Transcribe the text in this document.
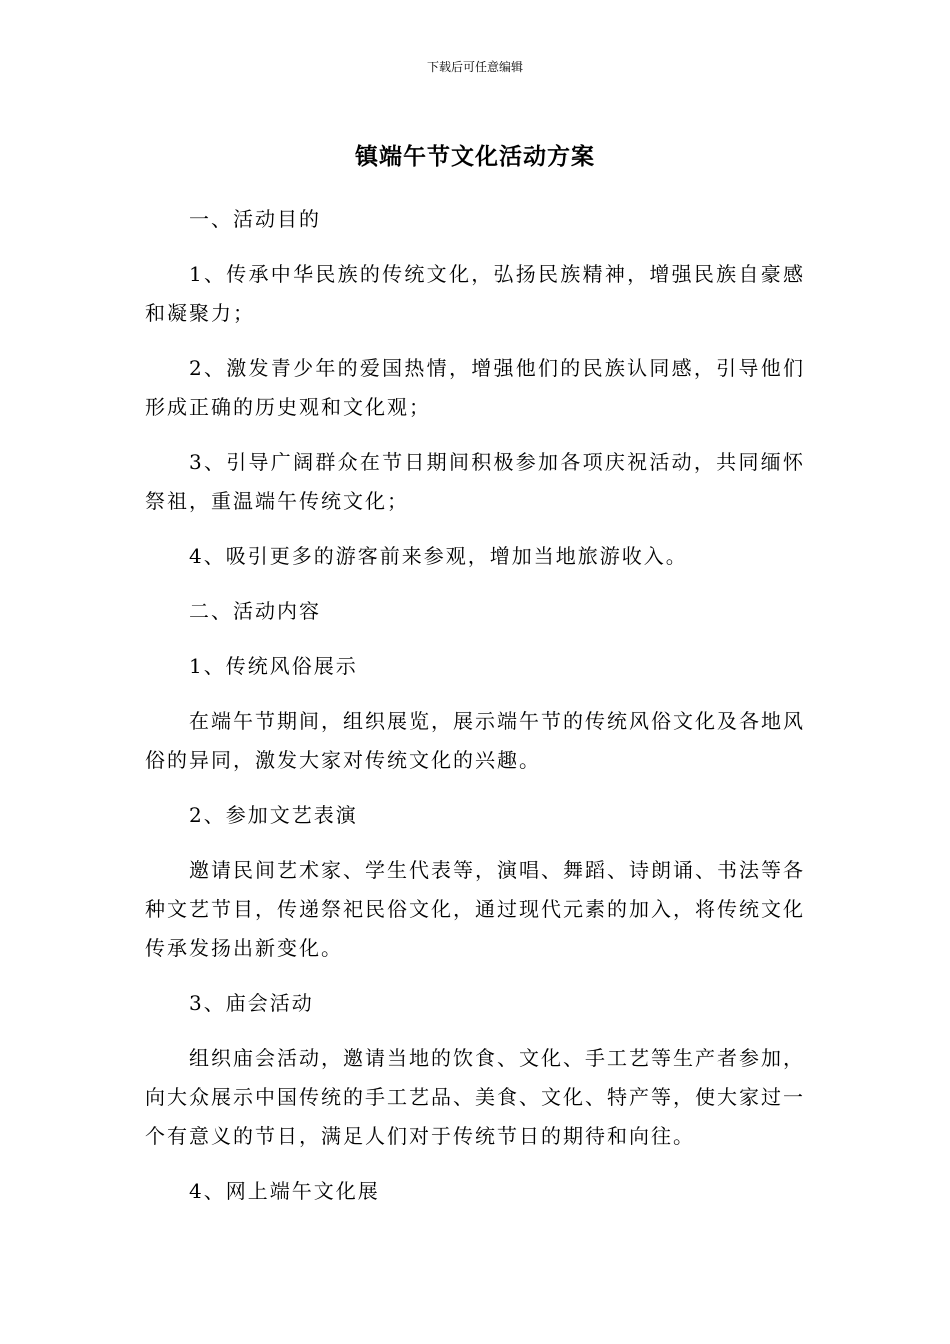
下载后可任意编辑
镇端午节文化活动方案

一、活动目的

1、传承中华民族的传统文化，弘扬民族精神，增强民族自豪感和凝聚力；

2、激发青少年的爱国热情，增强他们的民族认同感，引导他们形成正确的历史观和文化观；

3、引导广阔群众在节日期间积极参加各项庆祝活动，共同缅怀祭祖，重温端午传统文化；

4、吸引更多的游客前来参观，增加当地旅游收入。

二、活动内容

1、传统风俗展示

在端午节期间，组织展览，展示端午节的传统风俗文化及各地风俗的异同，激发大家对传统文化的兴趣。

2、参加文艺表演

邀请民间艺术家、学生代表等，演唱、舞蹈、诗朗诵、书法等各种文艺节目，传递祭祀民俗文化，通过现代元素的加入，将传统文化传承发扬出新变化。

3、庙会活动

组织庙会活动，邀请当地的饮食、文化、手工艺等生产者参加，向大众展示中国传统的手工艺品、美食、文化、特产等，使大家过一个有意义的节日，满足人们对于传统节日的期待和向往。

4、网上端午文化展
